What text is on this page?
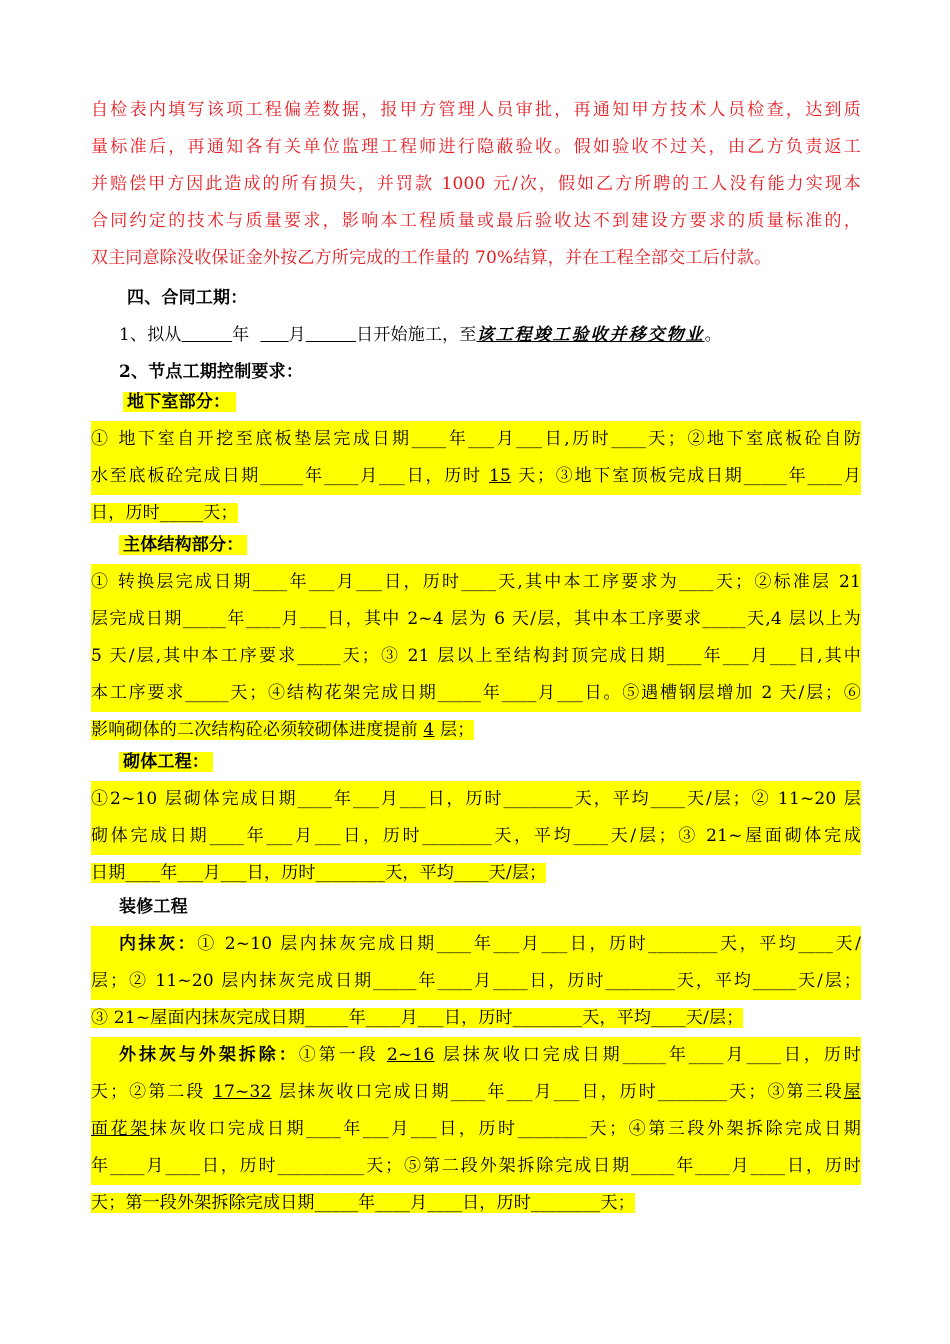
自检表内填写该项工程偏差数据，报甲方管理人员审批，再通知甲方技术人员检查，达到质
量标准后，再通知各有关单位监理工程师进行隐蔽验收。假如验收不过关，由乙方负责返工
并赔偿甲方因此造成的所有损失，并罚款 1000 元/次，假如乙方所聘的工人没有能力实现本
合同约定的技术与质量要求，影响本工程质量或最后验收达不到建设方要求的质量标准的，
双主同意除没收保证金外按乙方所完成的工作量的 70%结算，并在工程全部交工后付款。
四、合同工期：
1、拟从	年 月	日开始施工，至该工程竣工验收并移交物业。
2、节点工期控制要求：
地下室部分：
① 地下室自开挖至底板垫层完成日期____年___月___日,历时____天；②地下室底板砼自防
水至底板砼完成日期_____年____月___日，历时 15 天；③地下室顶板完成日期_____年____月
日，历时_____天；
主体结构部分：
① 转换层完成日期____年___月___日，历时____天,其中本工序要求为____天；②标准层 21
层完成日期_____年____月___日，其中 2~4 层为 6 天/层，其中本工序要求_____天,4 层以上为
5 天/层,其中本工序要求_____天；③ 21 层以上至结构封顶完成日期____年___月___日,其中
本工序要求_____天；④结构花架完成日期_____年____月___日。⑤遇槽钢层增加 2 天/层；⑥
影响砌体的二次结构砼必须较砌体进度提前 4 层；
砌体工程：
①2~10 层砌体完成日期____年___月___日，历时________天，平均____天/层；② 11~20 层
砌体完成日期____年___月___日，历时________天，平均____天/层；③ 21~屋面砌体完成
日期____年___月___日，历时________天，平均____天/层；
装修工程
内抹灰：① 2~10 层内抹灰完成日期____年___月___日，历时________天，平均____天/
层；② 11~20 层内抹灰完成日期_____年____月____日，历时________天，平均_____天/层；
③ 21~屋面内抹灰完成日期_____年____月___日，历时________天，平均____天/层；
外抹灰与外架拆除：①第一段 2~16 层抹灰收口完成日期_____年____月____日，历时
天；②第二段 17~32 层抹灰收口完成日期____年___月___日，历时________天；③第三段屋
面花架抹灰收口完成日期____年___月___日，历时________天；④第三段外架拆除完成日期
年____月____日，历时__________天；⑤第二段外架拆除完成日期_____年____月____日，历时
天；第一段外架拆除完成日期_____年____月____日，历时________天；
